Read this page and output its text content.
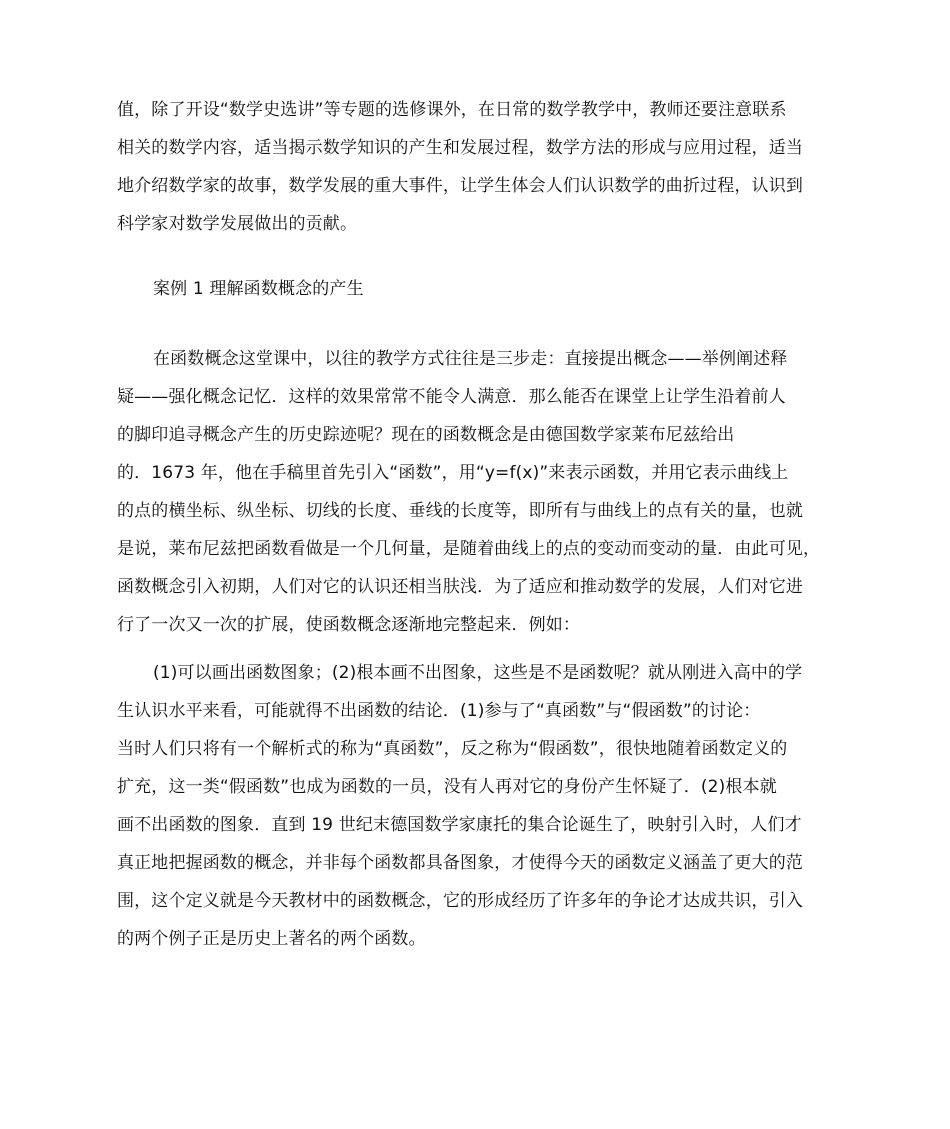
值，除了开设“数学史选讲”等专题的选修课外，在日常的数学教学中，教师还要注意联系
相关的数学内容，适当揭示数学知识的产生和发展过程，数学方法的形成与应用过程，适当
地介绍数学家的故事，数学发展的重大事件，让学生体会人们认识数学的曲折过程，认识到
科学家对数学发展做出的贡献。
案例 1 理解函数概念的产生
在函数概念这堂课中，以往的教学方式往往是三步走：直接提出概念——举例阐述释
疑——强化概念记忆．这样的效果常常不能令人满意．那么能否在课堂上让学生沿着前人
的脚印追寻概念产生的历史踪迹呢？现在的函数概念是由德国数学家莱布尼兹给出
的．1673 年，他在手稿里首先引入“函数”，用“y=f(x)”来表示函数，并用它表示曲线上
的点的横坐标、纵坐标、切线的长度、垂线的长度等，即所有与曲线上的点有关的量，也就
是说，莱布尼兹把函数看做是一个几何量，是随着曲线上的点的变动而变动的量．由此可见，
函数概念引入初期，人们对它的认识还相当肤浅．为了适应和推动数学的发展，人们对它进
行了一次又一次的扩展，使函数概念逐渐地完整起来．例如：
(1)可以画出函数图象；(2)根本画不出图象，这些是不是函数呢？就从刚进入高中的学
生认识水平来看，可能就得不出函数的结论．(1)参与了“真函数”与“假函数”的讨论：
当时人们只将有一个解析式的称为“真函数”，反之称为“假函数”，很快地随着函数定义的
扩充，这一类“假函数”也成为函数的一员，没有人再对它的身份产生怀疑了．(2)根本就
画不出函数的图象．直到 19 世纪末德国数学家康托的集合论诞生了，映射引入时，人们才
真正地把握函数的概念，并非每个函数都具备图象，才使得今天的函数定义涵盖了更大的范
围，这个定义就是今天教材中的函数概念，它的形成经历了许多年的争论才达成共识，引入
的两个例子正是历史上著名的两个函数。
